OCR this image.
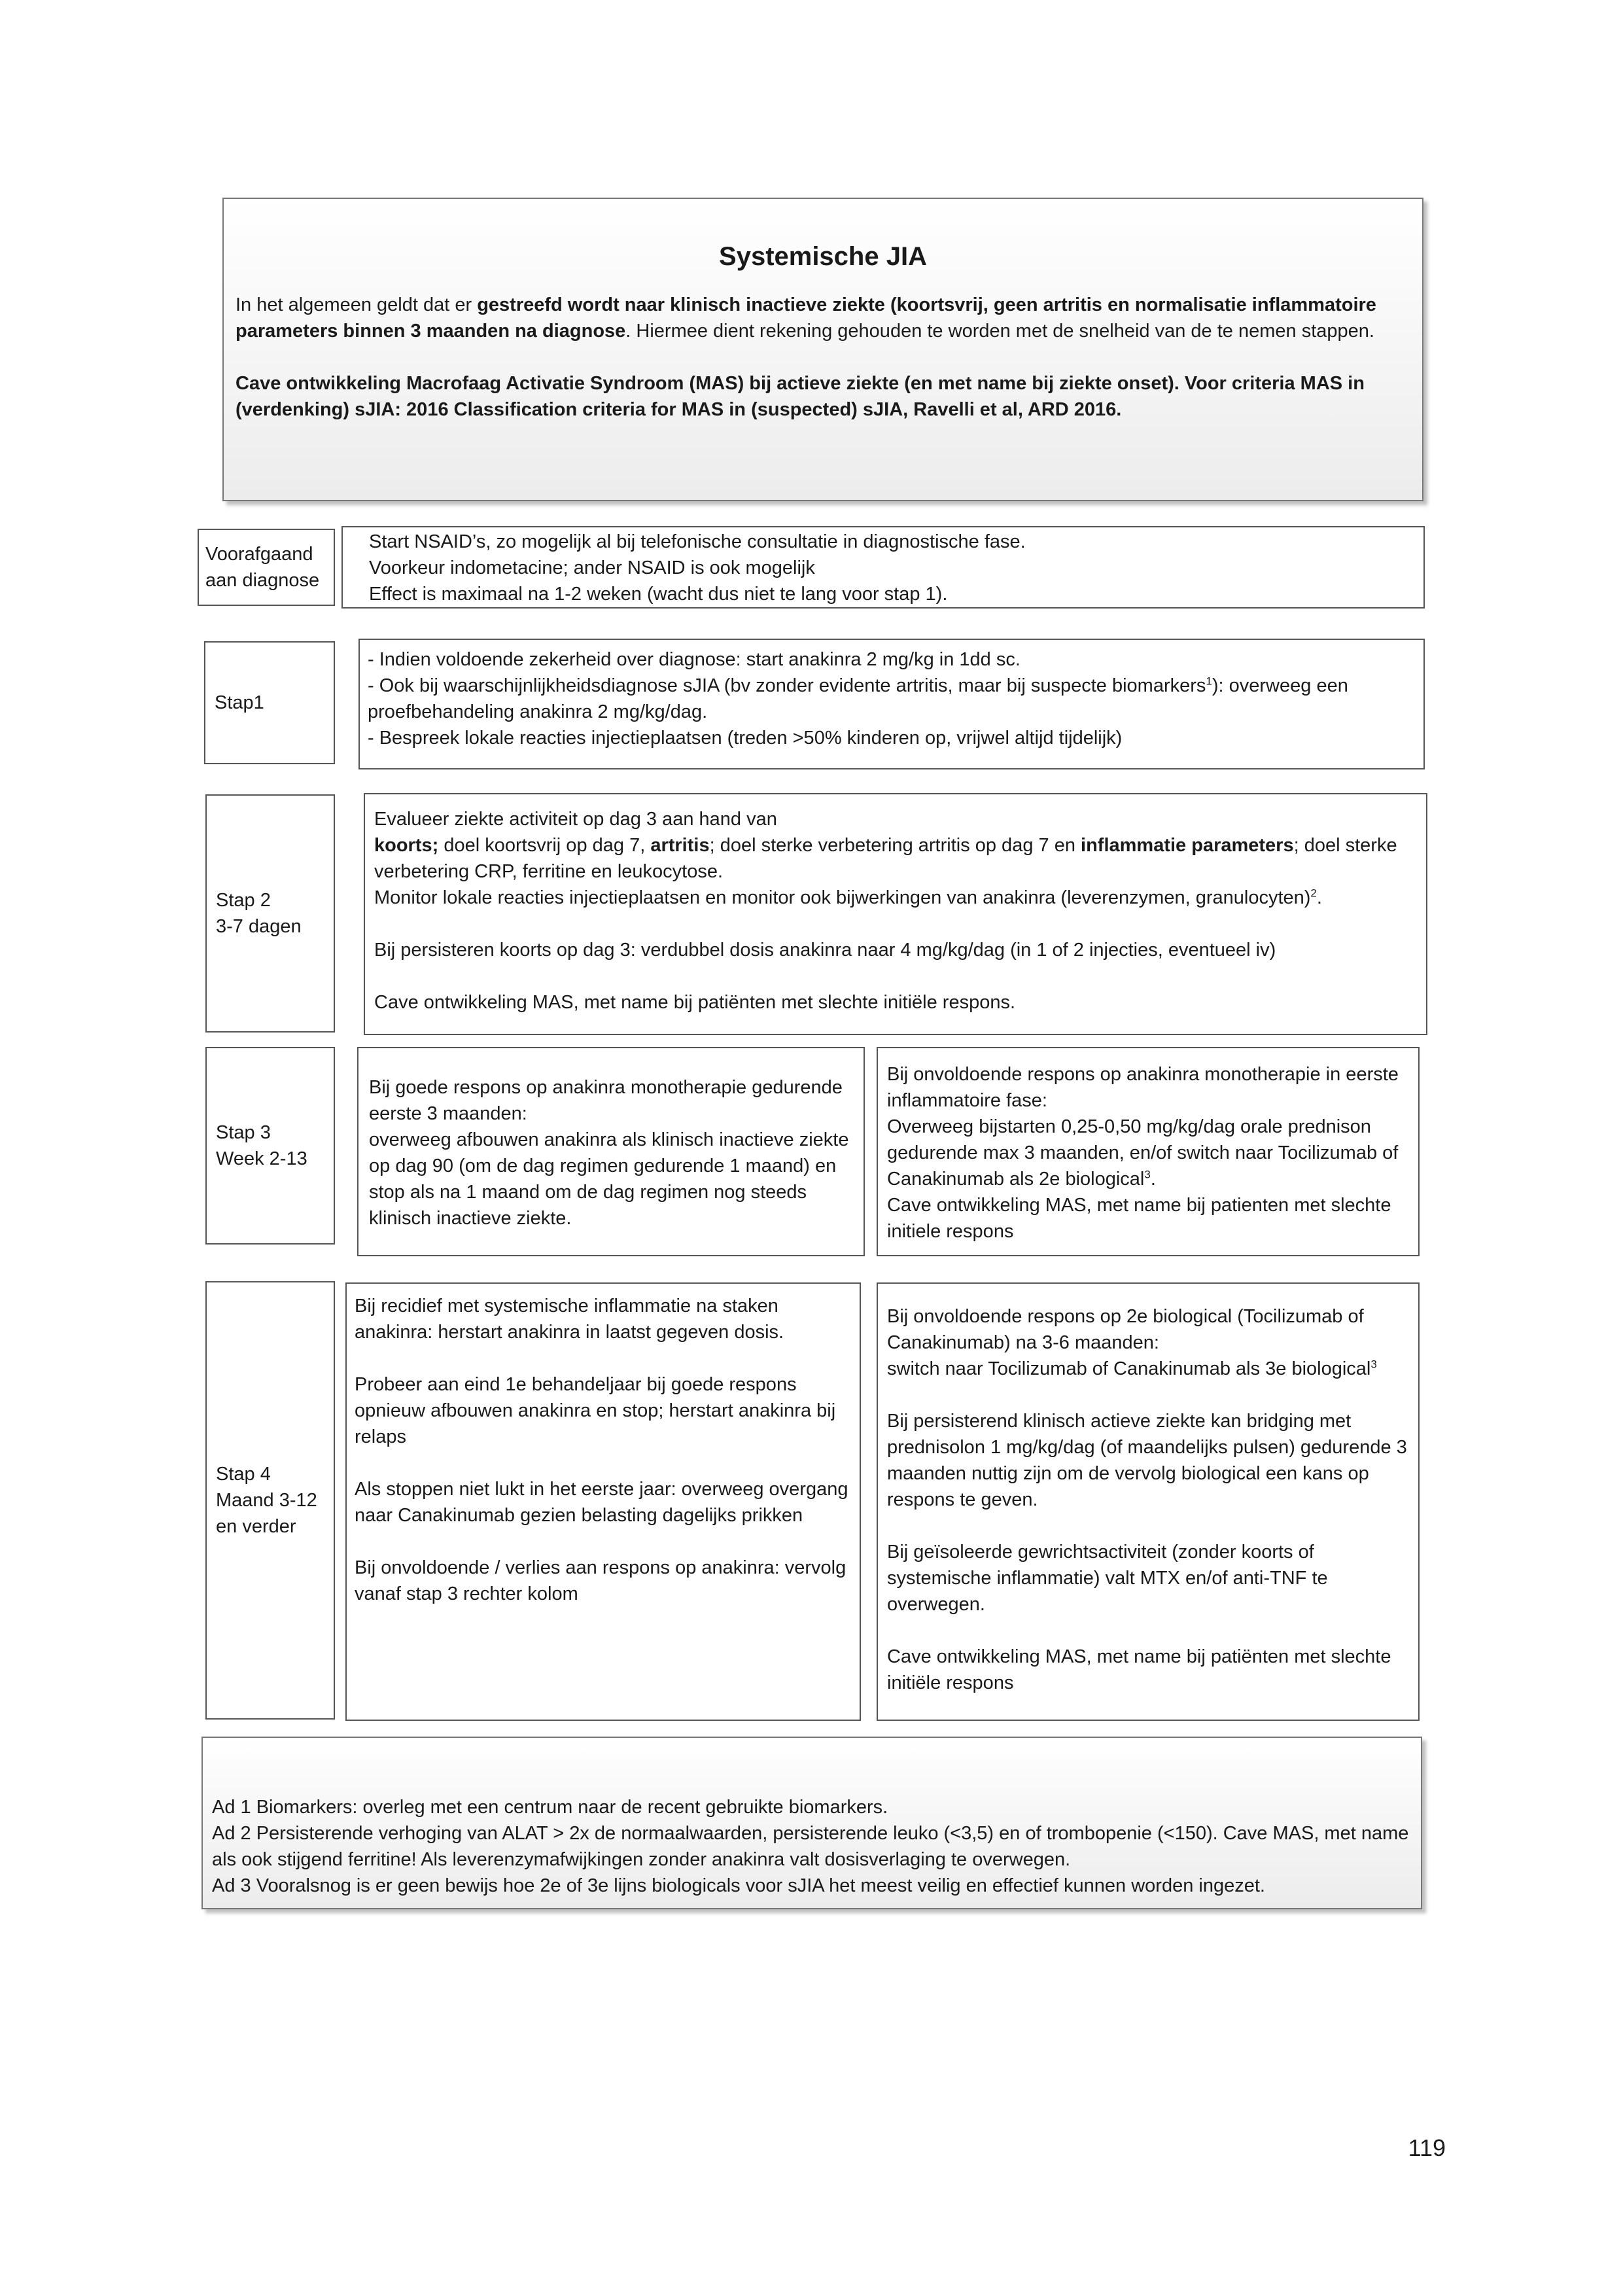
Systemische JIA

In het algemeen geldt dat er gestreefd wordt naar klinisch inactieve ziekte (koortsvrij, geen artritis en normalisatie inflammatoire parameters binnen 3 maanden na diagnose. Hiermee dient rekening gehouden te worden met de snelheid van de te nemen stappen.

Cave ontwikkeling Macrofaag Activatie Syndroom (MAS) bij actieve ziekte (en met name bij ziekte onset). Voor criteria MAS in (verdenking) sJIA: 2016 Classification criteria for MAS in (suspected) sJIA, Ravelli et al, ARD 2016.

Voorafgaand
aan diagnose

Start NSAID’s, zo mogelijk al bij telefonische consultatie in diagnostische fase.

Voorkeur indometacine; ander NSAID is ook mogelijk

Effect is maximaal na 1-2 weken (wacht dus niet te lang voor stap 1).

Stap1

- Indien voldoende zekerheid over diagnose: start anakinra 2 mg/kg in 1dd sc.

- Ook bij waarschijnlijkheidsdiagnose sJIA (bv zonder evidente artritis, maar bij suspecte biomarkers$^1$): overweeg een proefbehandeling anakinra 2 mg/kg/dag.

- Bespreek lokale reacties injectieplaatsen (treden >50% kinderen op, vrijwel altijd tijdelijk)

Stap 2
3-7 dagen

Evalueer ziekte activiteit op dag 3 aan hand van

koorts; doel koortsvrij op dag 7, artritis; doel sterke verbetering artritis op dag 7 en inflammatie parameters; doel sterke verbetering CRP, ferritine en leukocytose.

Monitor lokale reacties injectieplaatsen en monitor ook bijwerkingen van anakinra (leverenzymen, granulocyten)$^2$.

Bij persisteren koorts op dag 3: verdubbel dosis anakinra naar 4 mg/kg/dag (in 1 of 2 injecties, eventueel iv)

Cave ontwikkeling MAS, met name bij patiënten met slechte initiële respons.

Stap 3
Week 2-13

Bij goede respons op anakinra monotherapie gedurende eerste 3 maanden:

overweeg afbouwen anakinra als klinisch inactieve ziekte op dag 90 (om de dag regimen gedurende 1 maand) en stop als na 1 maand om de dag regimen nog steeds klinisch inactieve ziekte.

Bij onvoldoende respons op anakinra monotherapie in eerste inflammatoire fase:

Overweeg bijstarten 0,25-0,50 mg/kg/dag orale prednison gedurende max 3 maanden, en/of switch naar Tocilizumab of Canakinumab als 2e biological$^3$.

Cave ontwikkeling MAS, met name bij patienten met slechte initiele respons

Stap 4
Maand 3-12
en verder

Bij recidief met systemische inflammatie na staken anakinra: herstart anakinra in laatst gegeven dosis.

Probeer aan eind 1e behandeljaar bij goede respons opnieuw afbouwen anakinra en stop; herstart anakinra bij relaps

Als stoppen niet lukt in het eerste jaar: overweeg overgang naar Canakinumab gezien belasting dagelijks prikken

Bij onvoldoende / verlies aan respons op anakinra: vervolg vanaf stap 3 rechter kolom

Bij onvoldoende respons op 2e biological (Tocilizumab of Canakinumab) na 3-6 maanden:

switch naar Tocilizumab of Canakinumab als 3e biological$^3$

Bij persisterend klinisch actieve ziekte kan bridging met prednisolon 1 mg/kg/dag (of maandelijks pulsen) gedurende 3 maanden nuttig zijn om de vervolg biological een kans op respons te geven.

Bij geïsoleerde gewrichtsactiviteit (zonder koorts of systemische inflammatie) valt MTX en/of anti-TNF te overwegen.

Cave ontwikkeling MAS, met name bij patiënten met slechte initiële respons

Ad 1 Biomarkers: overleg met een centrum naar de recent gebruikte biomarkers.

Ad 2 Persisterende verhoging van ALAT > 2x de normaalwaarden, persisterende leuko (<3,5) en of trombopenie (<150). Cave MAS, met name als ook stijgend ferritine! Als leverenzymafwijkingen zonder anakinra valt dosisverlaging te overwegen.

Ad 3 Vooralsnog is er geen bewijs hoe 2e of 3e lijns biologicals voor sJIA het meest veilig en effectief kunnen worden ingezet.

119
